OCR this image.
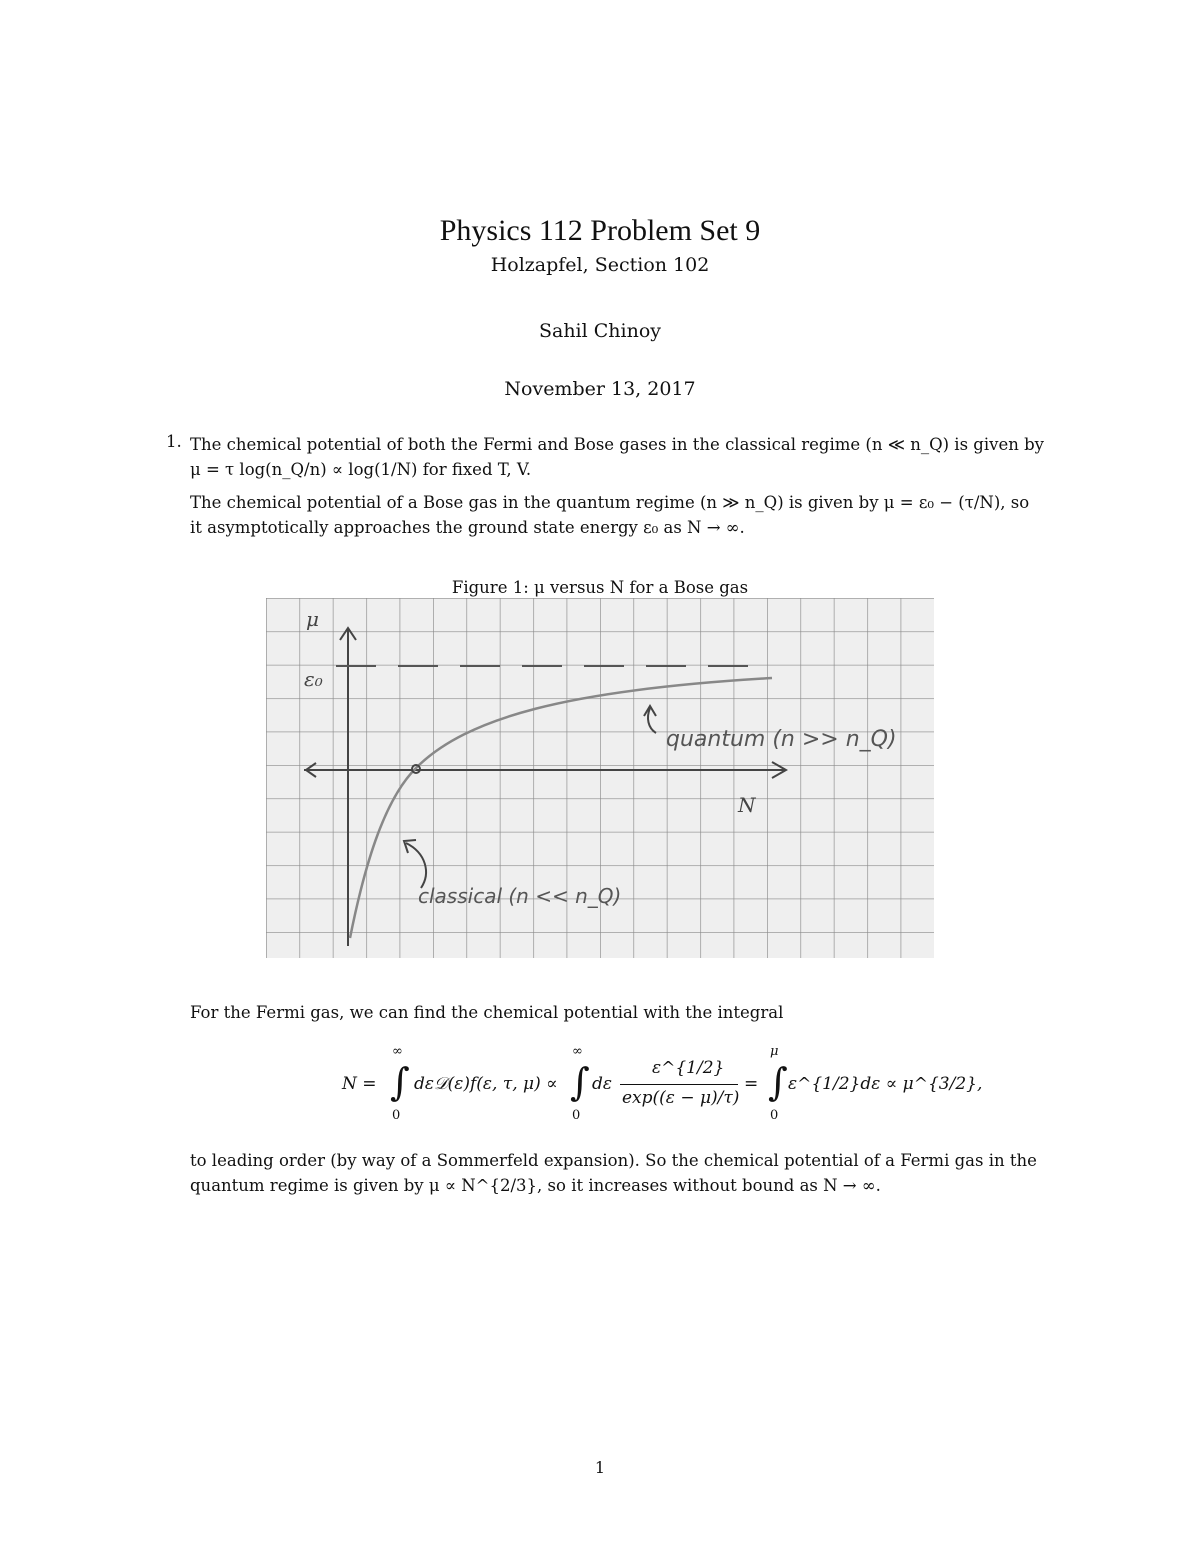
Physics 112 Problem Set 9
Holzapfel, Section 102
Sahil Chinoy
November 13, 2017
1. The chemical potential of both the Fermi and Bose gases in the classical regime (n ≪ n_Q) is given by
μ = τ log(n_Q/n) ∝ log(1/N) for fixed T, V.
The chemical potential of a Bose gas in the quantum regime (n ≫ n_Q) is given by μ = ε₀ − (τ/N), so
it asymptotically approaches the ground state energy ε₀ as N → ∞.
Figure 1: μ versus N for a Bose gas
μ
ε₀
N
quantum (n >> n_Q)
classical (n << n_Q)
For the Fermi gas, we can find the chemical potential with the integral
N =
∞
∫
0
dε𝒟(ε)f(ε, τ, μ) ∝
∞
∫
0
dε
ε^{1/2}
exp((ε − μ)/τ)
=
μ
∫
0
ε^{1/2}dε ∝ μ^{3/2},
to leading order (by way of a Sommerfeld expansion). So the chemical potential of a Fermi gas in the
quantum regime is given by μ ∝ N^{2/3}, so it increases without bound as N → ∞.
1
